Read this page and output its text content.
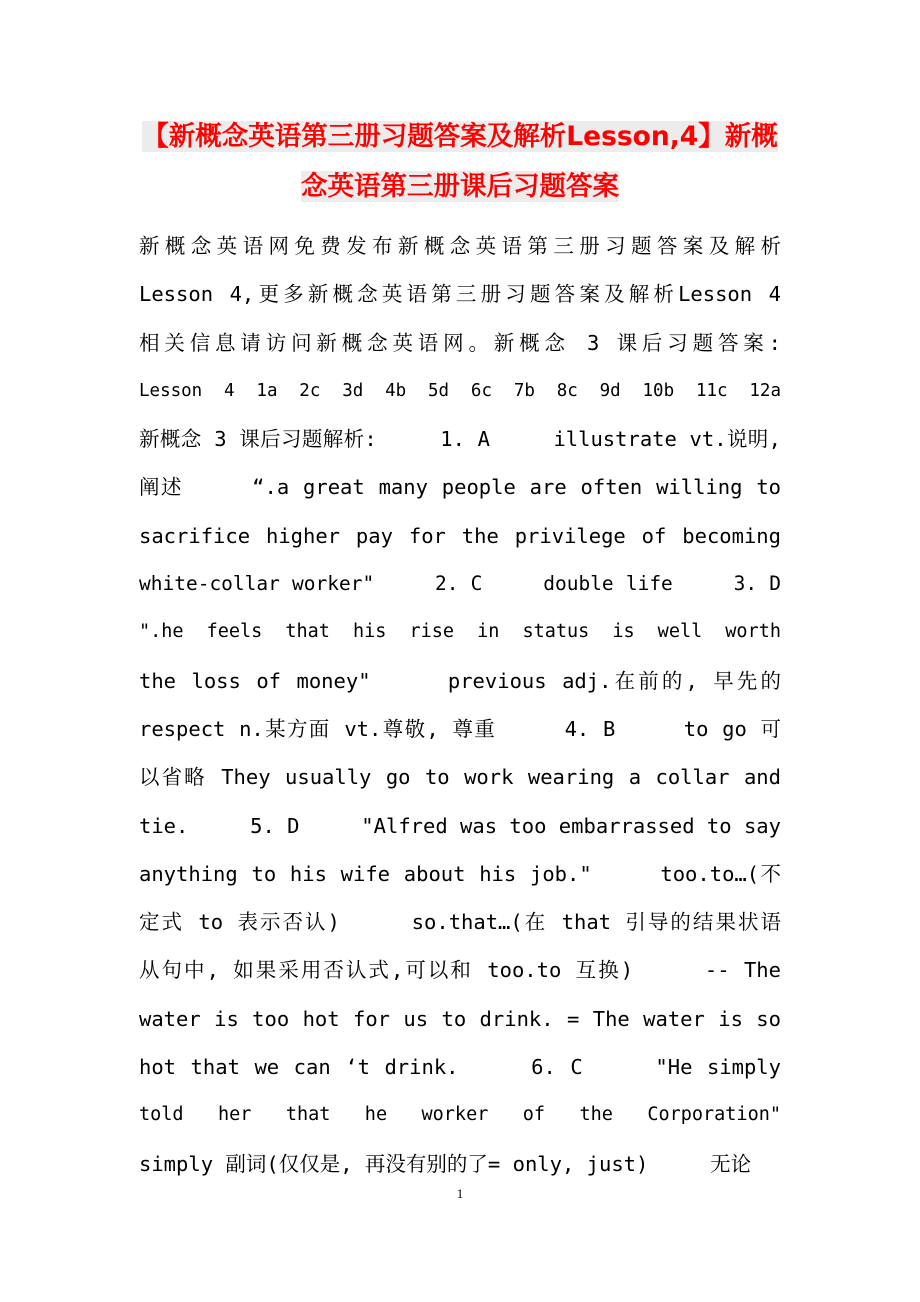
【新概念英语第三册习题答案及解析Lesson,4】新概
念英语第三册课后习题答案
新概念英语网免费发布新概念英语第三册习题答案及解析
Lesson 4,更多新概念英语第三册习题答案及解析Lesson 4
相关信息请访问新概念英语网。新概念 3 课后习题答案:
Lesson  4  1a  2c  3d  4b  5d  6c  7b  8c  9d  10b  11c  12a
新概念 3 课后习题解析:     1. A     illustrate vt.说明,
阐述     “.a great many people are often willing to
sacrifice higher pay for the privilege of becoming
white-collar worker"     2. C     double life     3. D
".he  feels  that  his  rise  in  status  is  well  worth
the loss of money"     previous adj.在前的, 早先的
respect n.某方面 vt.尊敬, 尊重     4. B     to go 可
以省略 They usually go to work wearing a collar and
tie.     5. D     "Alfred was too embarrassed to say
anything to his wife about his job."     too.to…(不
定式 to 表示否认)     so.that…(在 that 引导的结果状语
从句中, 如果采用否认式,可以和 too.to 互换)     -- The
water is too hot for us to drink. = The water is so
hot that we can ‘t drink.     6. C     "He simply
told   her   that   he   worker   of   the   Corporation"
simply 副词(仅仅是, 再没有别的了= only, just)     无论
1
